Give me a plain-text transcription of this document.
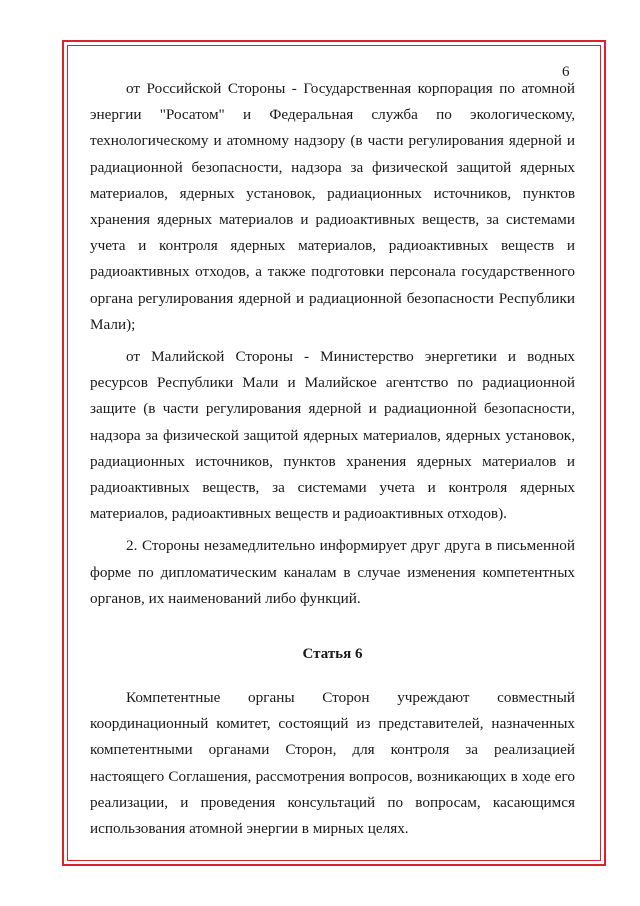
6

от Российской Стороны - Государственная корпорация по атомной энергии "Росатом" и Федеральная служба по экологическому, технологическому и атомному надзору (в части регулирования ядерной и радиационной безопасности, надзора за физической защитой ядерных материалов, ядерных установок, радиационных источников, пунктов хранения ядерных материалов и радиоактивных веществ, за системами учета и контроля ядерных материалов, радиоактивных веществ и радиоактивных отходов, а также подготовки персонала государственного органа регулирования ядерной и радиационной безопасности Республики Мали);

от Малийской Стороны - Министерство энергетики и водных ресурсов Республики Мали и Малийское агентство по радиационной защите (в части регулирования ядерной и радиационной безопасности, надзора за физической защитой ядерных материалов, ядерных установок, радиационных источников, пунктов хранения ядерных материалов и радиоактивных веществ, за системами учета и контроля ядерных материалов, радиоактивных веществ и радиоактивных отходов).

2. Стороны незамедлительно информирует друг друга в письменной форме по дипломатическим каналам в случае изменения компетентных органов, их наименований либо функций.

Статья 6

Компетентные органы Сторон учреждают совместный координационный комитет, состоящий из представителей, назначенных компетентными органами Сторон, для контроля за реализацией настоящего Соглашения, рассмотрения вопросов, возникающих в ходе его реализации, и проведения консультаций по вопросам, касающимся использования атомной энергии в мирных целях.
